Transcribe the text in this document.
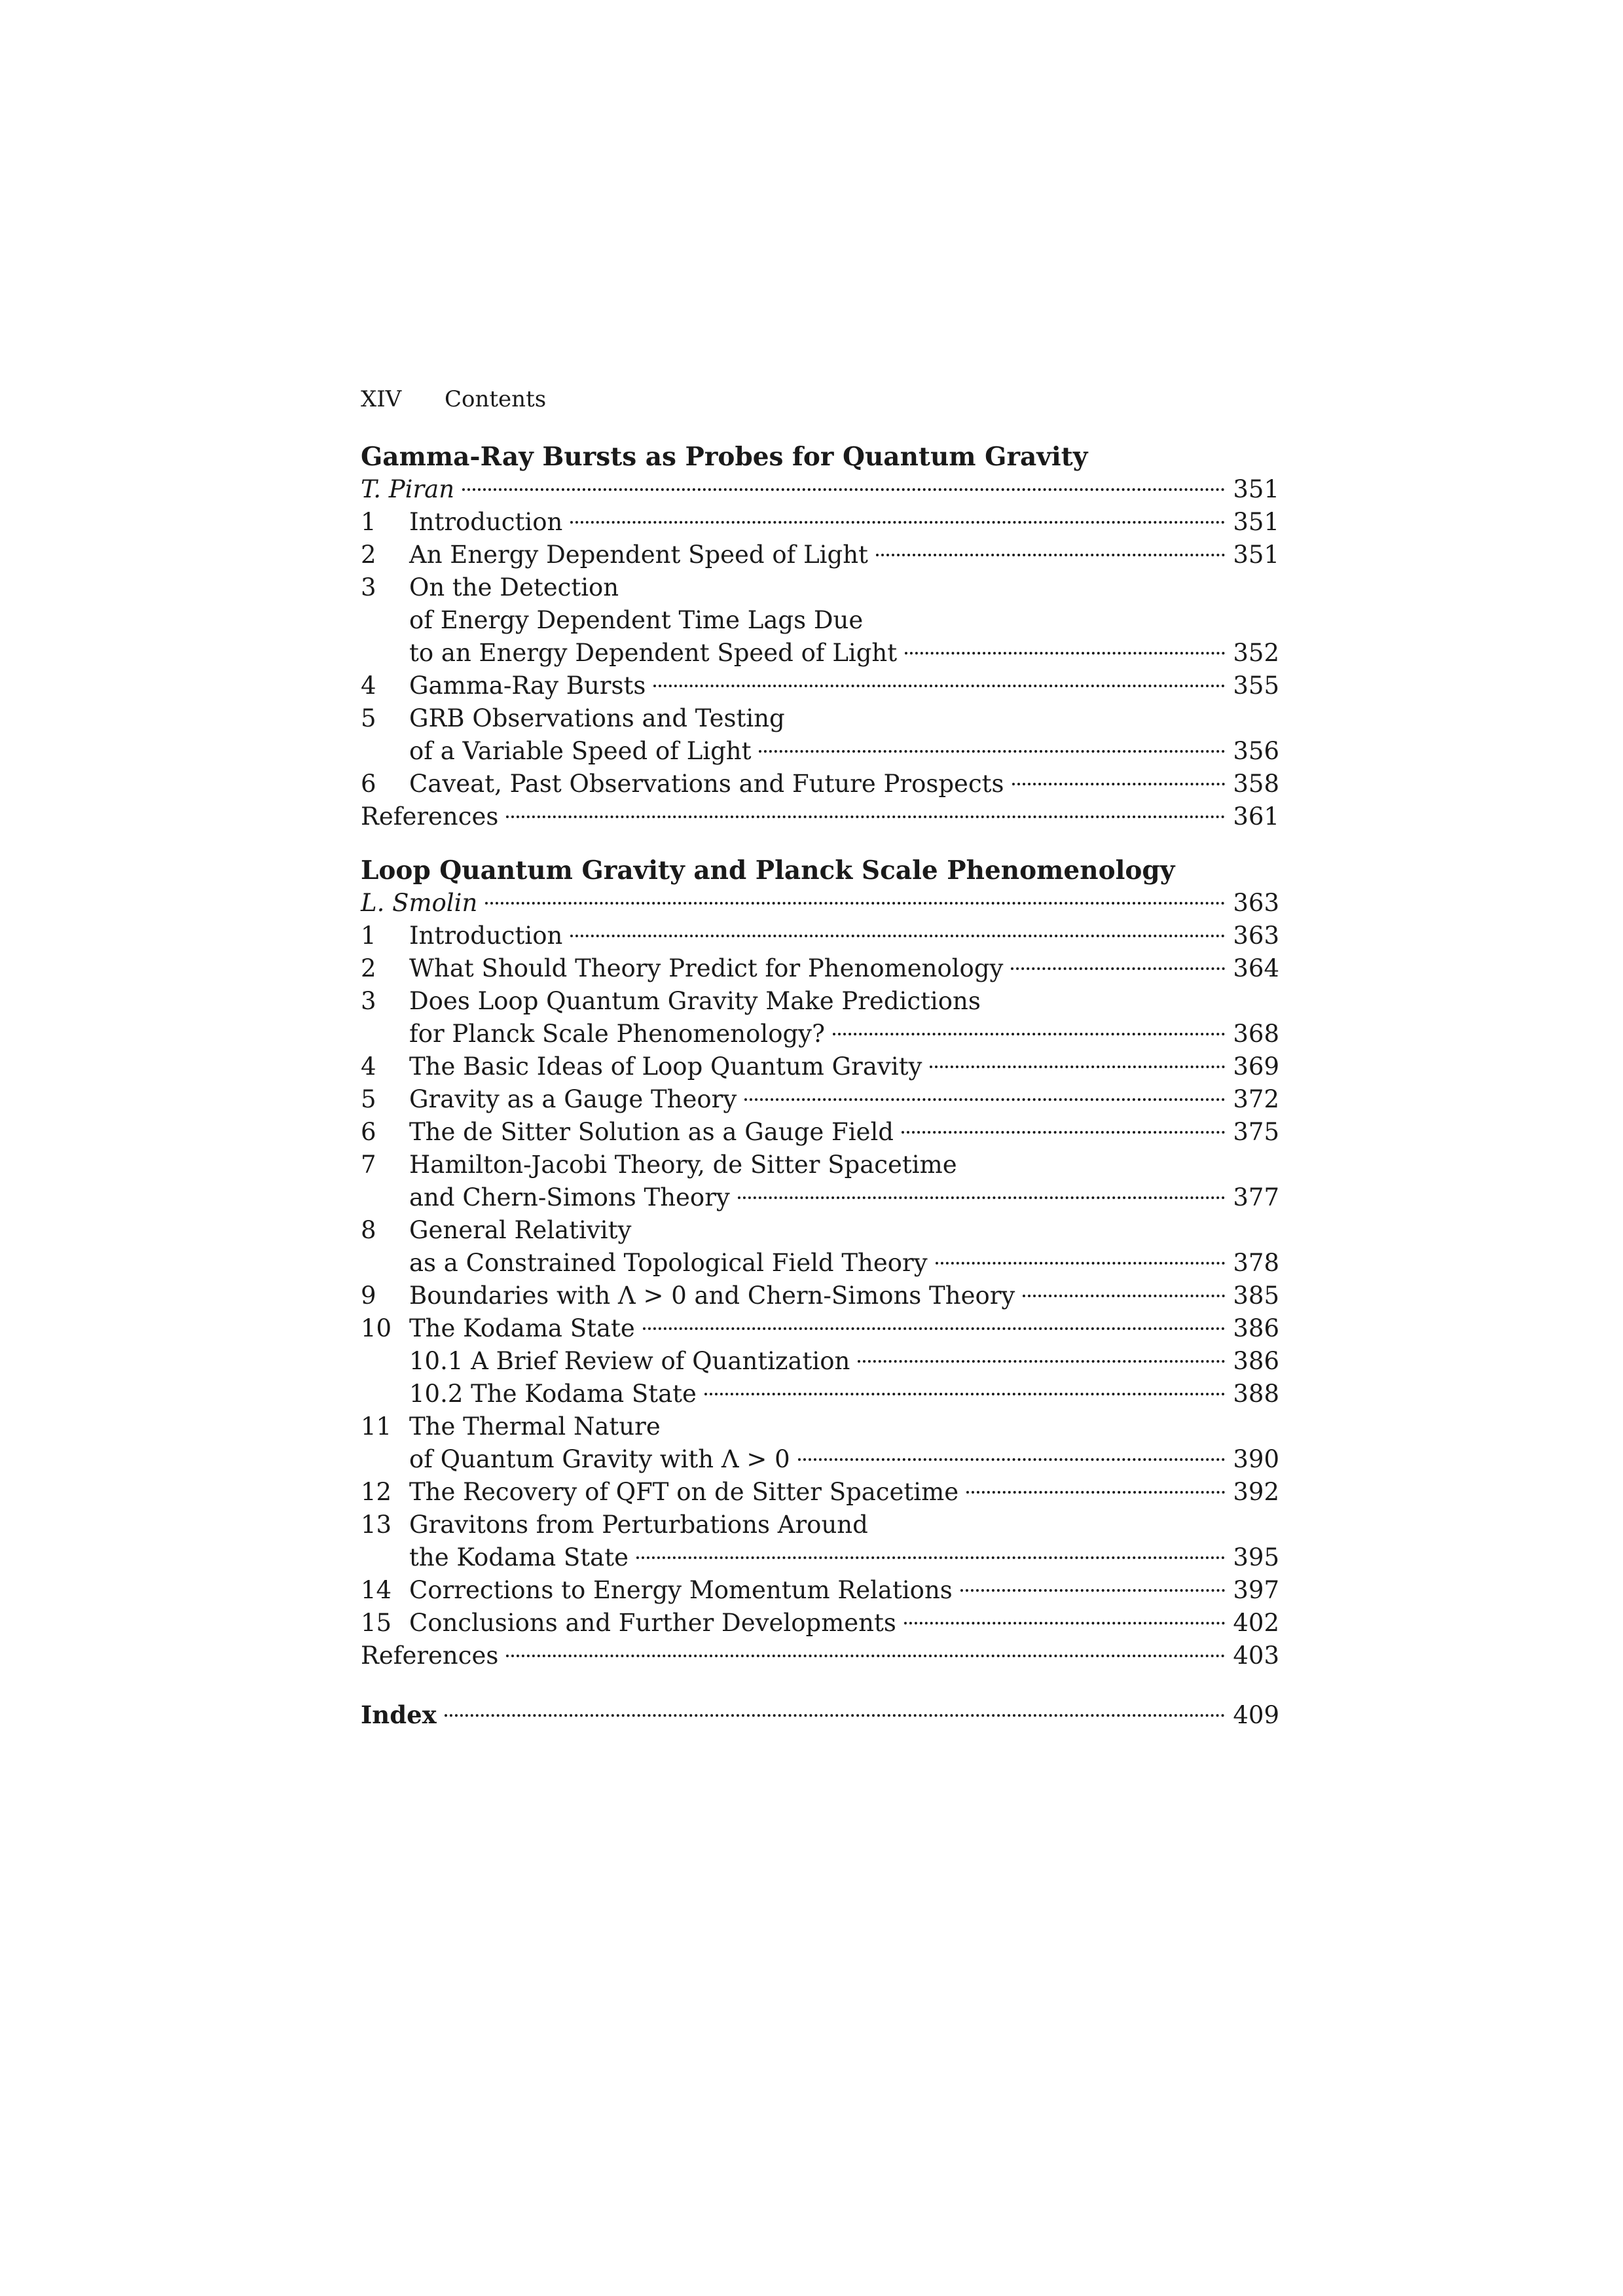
XIV Contents
Gamma-Ray Bursts as Probes for Quantum Gravity
T. Piran	351
1	Introduction	351
2	An Energy Dependent Speed of Light	351
3	On the Detection
of Energy Dependent Time Lags Due
to an Energy Dependent Speed of Light	352
4	Gamma-Ray Bursts	355
5	GRB Observations and Testing
of a Variable Speed of Light	356
6	Caveat, Past Observations and Future Prospects	358
References	361
Loop Quantum Gravity and Planck Scale Phenomenology
L. Smolin	363
1	Introduction	363
2	What Should Theory Predict for Phenomenology	364
3	Does Loop Quantum Gravity Make Predictions
for Planck Scale Phenomenology?	368
4	The Basic Ideas of Loop Quantum Gravity	369
5	Gravity as a Gauge Theory	372
6	The de Sitter Solution as a Gauge Field	375
7	Hamilton-Jacobi Theory, de Sitter Spacetime
and Chern-Simons Theory	377
8	General Relativity
as a Constrained Topological Field Theory	378
9	Boundaries with Λ > 0 and Chern-Simons Theory	385
10 The Kodama State	386
10.1 A Brief Review of Quantization	386
10.2 The Kodama State	388
11 The Thermal Nature
of Quantum Gravity with Λ > 0	390
12 The Recovery of QFT on de Sitter Spacetime	392
13 Gravitons from Perturbations Around
the Kodama State	395
14 Corrections to Energy Momentum Relations	397
15 Conclusions and Further Developments	402
References	403
Index	409
